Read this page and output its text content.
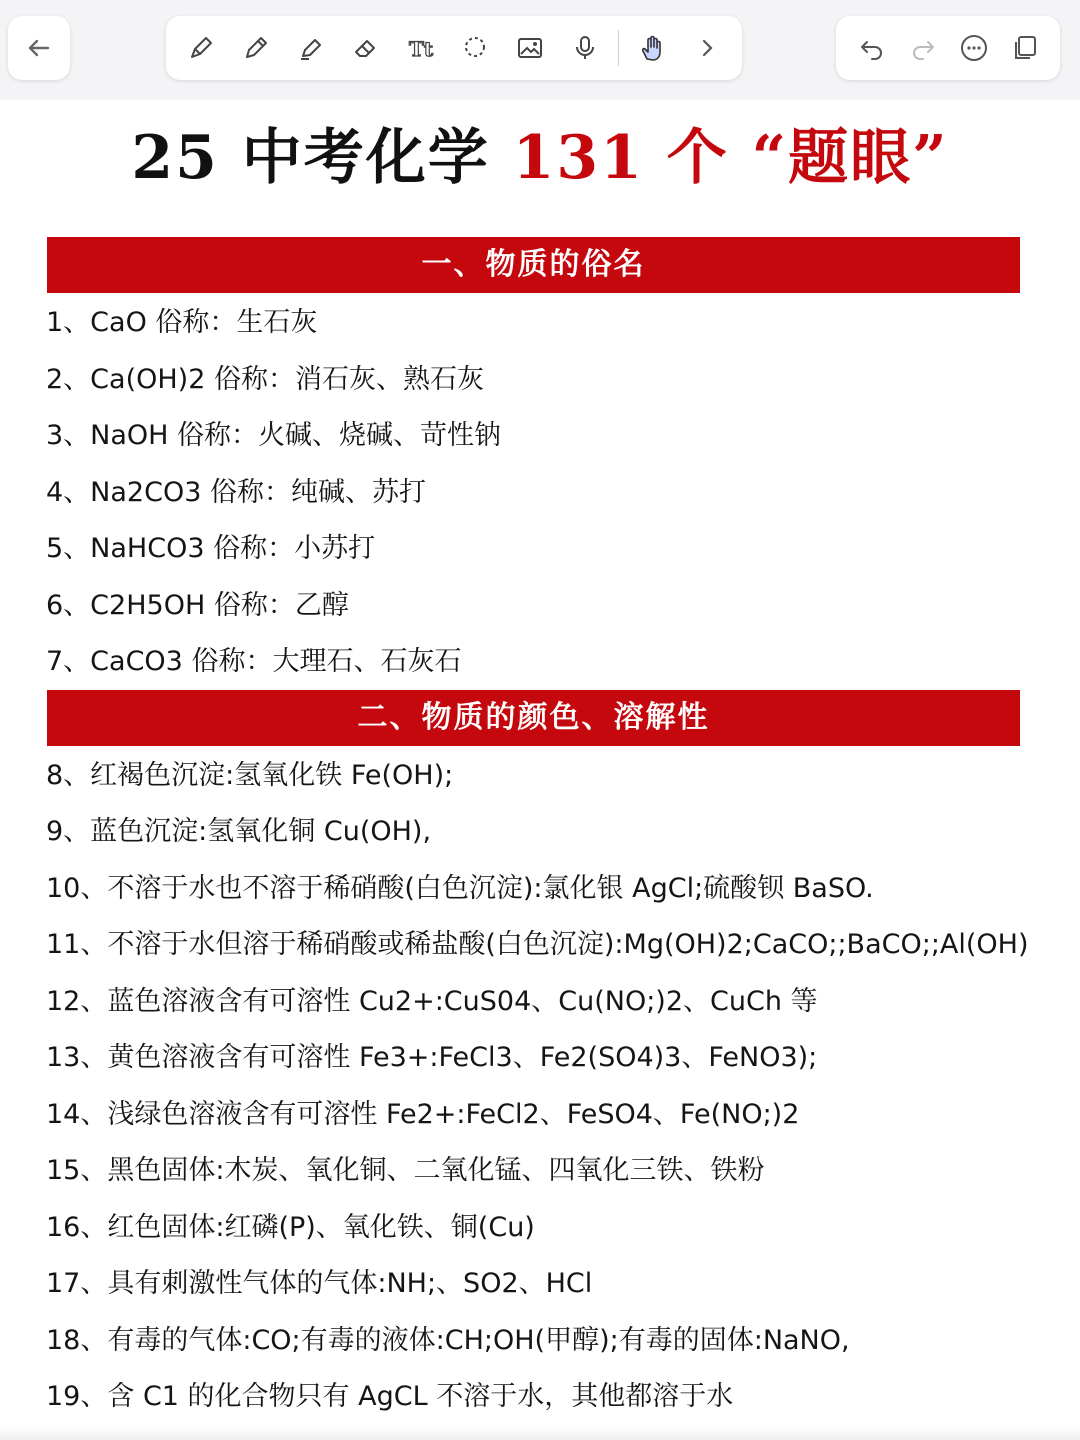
Tt
25 中考化学 131 个 “题眼”
一、物质的俗名
1、CaO 俗称：生石灰
2、Ca(OH)2 俗称：消石灰、熟石灰
3、NaOH 俗称：火碱、烧碱、苛性钠
4、Na2CO3 俗称：纯碱、苏打
5、NaHCO3 俗称：小苏打
6、C2H5OH 俗称：乙醇
7、CaCO3 俗称：大理石、石灰石
二、物质的颜色、溶解性
8、红褐色沉淀:氢氧化铁 Fe(OH);
9、蓝色沉淀:氢氧化铜 Cu(OH),
10、不溶于水也不溶于稀硝酸(白色沉淀):氯化银 AgCl;硫酸钡 BaSO.
11、不溶于水但溶于稀硝酸或稀盐酸(白色沉淀):Mg(OH)2;CaCO;;BaCO;;Al(OH)
12、蓝色溶液含有可溶性 Cu2+:CuS04、Cu(NO;)2、CuCh 等
13、黄色溶液含有可溶性 Fe3+:FeCl3、Fe2(SO4)3、FeNO3);
14、浅绿色溶液含有可溶性 Fe2+:FeCl2、FeSO4、Fe(NO;)2
15、黑色固体:木炭、氧化铜、二氧化锰、四氧化三铁、铁粉
16、红色固体:红磷(P)、氧化铁、铜(Cu)
17、具有刺激性气体的气体:NH;、SO2、HCl
18、有毒的气体:CO;有毒的液体:CH;OH(甲醇);有毒的固体:NaNO,
19、含 C1 的化合物只有 AgCL 不溶于水，其他都溶于水
